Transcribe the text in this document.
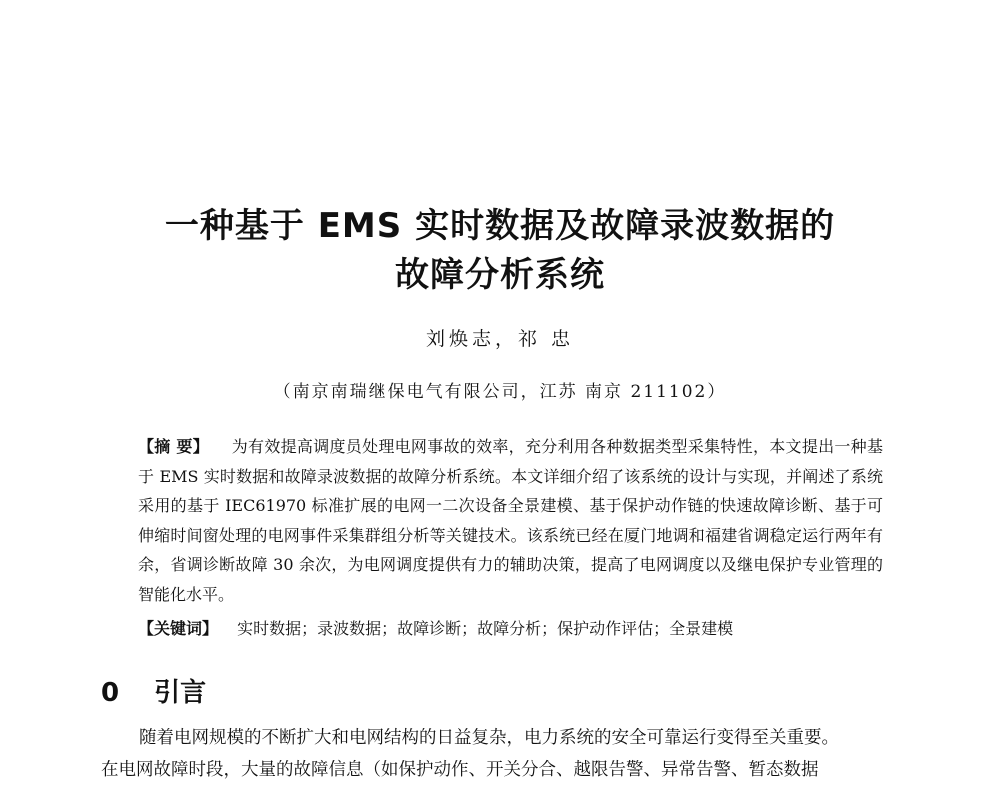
一种基于 EMS 实时数据及故障录波数据的
故障分析系统
刘焕志，祁 忠
（南京南瑞继保电气有限公司，江苏 南京 211102）
【摘 要】 为有效提高调度员处理电网事故的效率，充分利用各种数据类型采集特性，本文提出一种基于 EMS 实时数据和故障录波数据的故障分析系统。本文详细介绍了该系统的设计与实现，并阐述了系统采用的基于 IEC61970 标准扩展的电网一二次设备全景建模、基于保护动作链的快速故障诊断、基于可伸缩时间窗处理的电网事件采集群组分析等关键技术。该系统已经在厦门地调和福建省调稳定运行两年有余，省调诊断故障 30 余次，为电网调度提供有力的辅助决策，提高了电网调度以及继电保护专业管理的智能化水平。
【关键词】 实时数据；录波数据；故障诊断；故障分析；保护动作评估；全景建模
0 引言
随着电网规模的不断扩大和电网结构的日益复杂，电力系统的安全可靠运行变得至关重要。
在电网故障时段，大量的故障信息（如保护动作、开关分合、越限告警、异常告警、暂态数据
